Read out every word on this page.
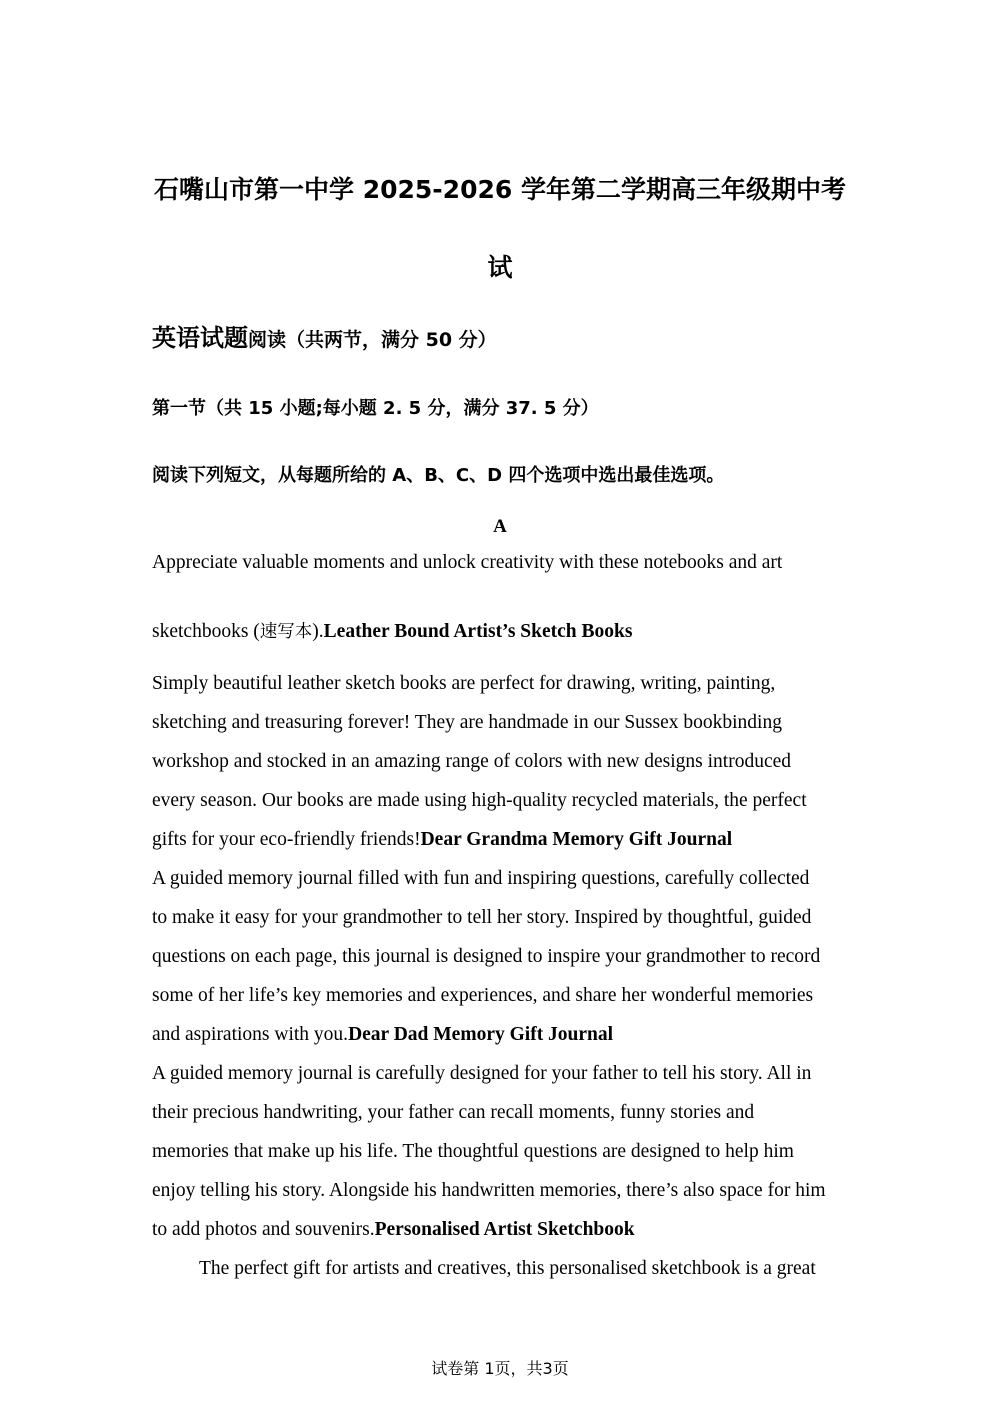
石嘴山市第一中学 2025-2026 学年第二学期高三年级期中考
试
英语试题阅读（共两节，满分 50 分）
第一节（共 15 小题;每小题 2. 5 分，满分 37. 5 分）
阅读下列短文，从每题所给的 A、B、C、D 四个选项中选出最佳选项。
A
Appreciate valuable moments and unlock creativity with these notebooks and art
sketchbooks (速写本).Leather Bound Artist’s Sketch Books
Simply beautiful leather sketch books are perfect for drawing, writing, painting,
sketching and treasuring forever! They are handmade in our Sussex bookbinding
workshop and stocked in an amazing range of colors with new designs introduced
every season. Our books are made using high-quality recycled materials, the perfect
gifts for your eco-friendly friends!Dear Grandma Memory Gift Journal
A guided memory journal filled with fun and inspiring questions, carefully collected
to make it easy for your grandmother to tell her story. Inspired by thoughtful, guided
questions on each page, this journal is designed to inspire your grandmother to record
some of her life’s key memories and experiences, and share her wonderful memories
and aspirations with you.Dear Dad Memory Gift Journal
A guided memory journal is carefully designed for your father to tell his story. All in
their precious handwriting, your father can recall moments, funny stories and
memories that make up his life. The thoughtful questions are designed to help him
enjoy telling his story. Alongside his handwritten memories, there’s also space for him
to add photos and souvenirs.Personalised Artist Sketchbook
The perfect gift for artists and creatives, this personalised sketchbook is a great
试卷第 1页，共3页
